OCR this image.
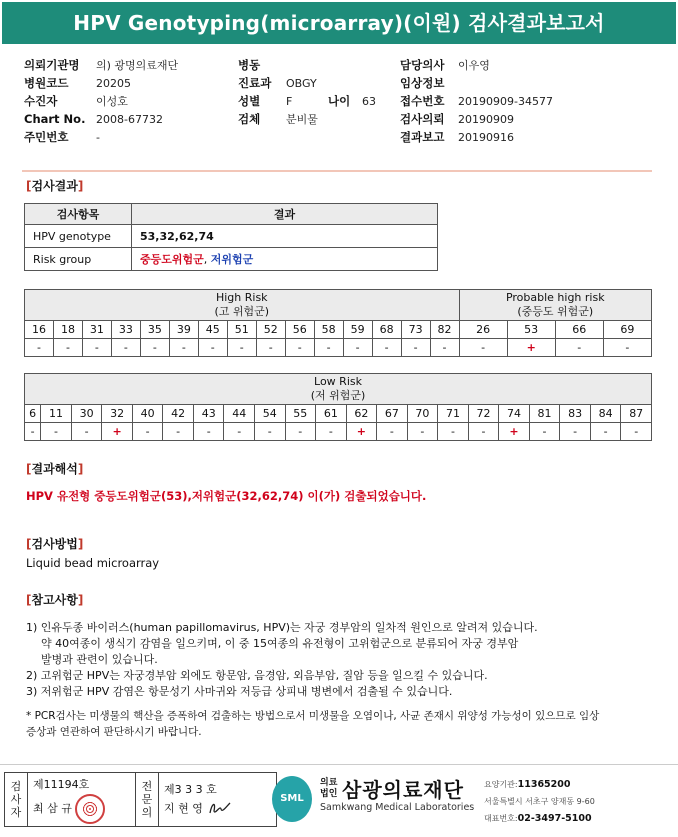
HPV Genotyping(microarray)(이원) 검사결과보고서
의뢰기관명 의) 광명의료재단
병원코드	20205
수진자	이성호
Chart No. 2008-67732
주민번호	-
병동
진료과 OBGY
성별 F	나이 63
검체 분비물
담당의사 이우영
임상정보
접수번호 20190909-34577
검사의뢰 20190909
결과보고 20190916
[검사결과]
검사항목	결과
HPV genotype	53,32,62,74
Risk group	중등도위험군, 저위험군
High Risk
(고 위험군)															Probable high risk
(중등도 위험군)			
16	18	31	33	35	39	45	51	52	56	58	59	68	73	82	26	53	66	69
-	-	-	-	-	-	-	-	-	-	-	-	-	-	-	-	+	-	-
Low Risk
(저 위험군)																				
6	11	30	32	40	42	43	44	54	55	61	62	67	70	71	72	74	81	83	84	87
-	-	-	+	-	-	-	-	-	-	-	+	-	-	-	-	+	-	-	-	-
[결과해석]
HPV 유전형 중등도위험군(53),저위험군(32,62,74) 이(가) 검출되었습니다.
[검사방법]
Liquid bead microarray
[참고사항]
1) 인유두종 바이러스(human papillomavirus, HPV)는 자궁 경부암의 일차적 원인으로 알려져 있습니다.
약 40여종이 생식기 감염을 일으키며, 이 중 15여종의 유전형이 고위험군으로 분류되어 자궁 경부암
발병과 관련이 있습니다.
2) 고위험군 HPV는 자궁경부암 외에도 항문암, 음경암, 외음부암, 질암 등을 일으킬 수 있습니다.
3) 저위험군 HPV 감염은 항문성기 사마귀와 저등급 상피내 병변에서 검출될 수 있습니다.
* PCR검사는 미생물의 핵산을 증폭하여 검출하는 방법으로서 미생물을 오염이나, 사균 존재시 위양성 가능성이 있으므로 임상
증상과 연관하여 판단하시기 바랍니다.
검
사
자	
제11194호
최 삼 규
	전
문
의	
제3 3 3 호
지 현 영
SML
의료
법인 삼광의료재단
Samkwang Medical Laboratories
요양기관:11365200
서울특별시 서초구 양재동 9-60
대표번호:02-3497-5100
